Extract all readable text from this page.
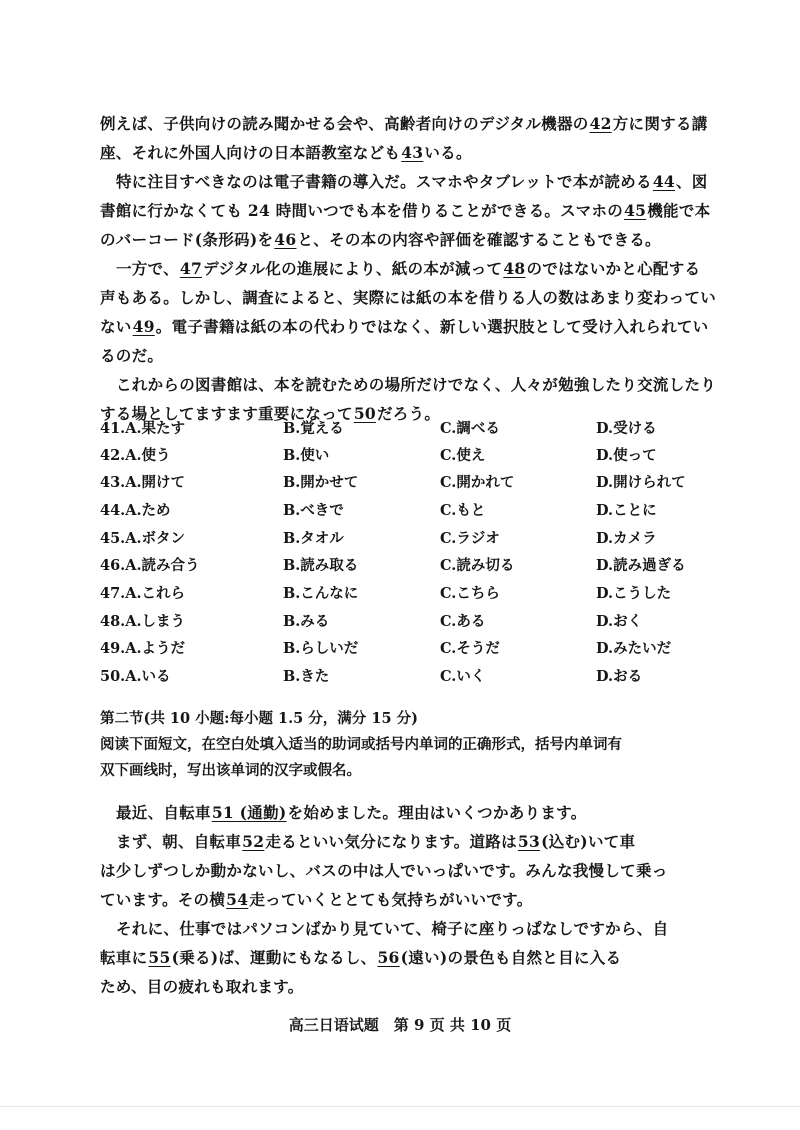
例えば、子供向けの読み聞かせる会や、高齢者向けのデジタル機器の42方に関する講
座、それに外国人向けの日本語教室なども43いる。
特に注目すべきなのは電子書籍の導入だ。スマホやタブレットで本が読める44、図
書館に行かなくても 24 時間いつでも本を借りることができる。スマホの45機能で本
のバーコード(条形码)を46と、その本の内容や評価を確認することもできる。
一方で、47デジタル化の進展により、紙の本が減って48のではないかと心配する
声もある。しかし、調査によると、実際には紙の本を借りる人の数はあまり変わってい
ない49。電子書籍は紙の本の代わりではなく、新しい選択肢として受け入れられてい
るのだ。
これからの図書館は、本を読むための場所だけでなく、人々が勉強したり交流したり
する場としてますます重要になって50だろう。
41.A.果たす	B.覚える	C.調べる	D.受ける
42.A.使う	B.使い	C.使え	D.使って
43.A.開けて	B.開かせて	C.開かれて	D.開けられて
44.A.ため	B.べきで	C.もと	D.ことに
45.A.ボタン	B.タオル	C.ラジオ	D.カメラ
46.A.読み合う	B.読み取る	C.読み切る	D.読み過ぎる
47.A.これら	B.こんなに	C.こちら	D.こうした
48.A.しまう	B.みる	C.ある	D.おく
49.A.ようだ	B.らしいだ	C.そうだ	D.みたいだ
50.A.いる	B.きた	C.いく	D.おる
第二节(共 10 小题:每小题 1.5 分，满分 15 分)
阅读下面短文，在空白处填入适当的助词或括号内单词的正确形式，括号内单词有
双下画线时，写出该单词的汉字或假名。
最近、自転車51 (通勤)を始めました。理由はいくつかあります。
まず、朝、自転車52走るといい気分になります。道路は53(込む)いて車
は少しずつしか動かないし、バスの中は人でいっぱいです。みんな我慢して乗っ
ています。その横54走っていくととても気持ちがいいです。
それに、仕事ではパソコンばかり見ていて、椅子に座りっぱなしですから、自
転車に55(乗る)ば、運動にもなるし、56(遠い)の景色も自然と目に入る
ため、目の疲れも取れます。
高三日语试题　第 9 页 共 10 页
